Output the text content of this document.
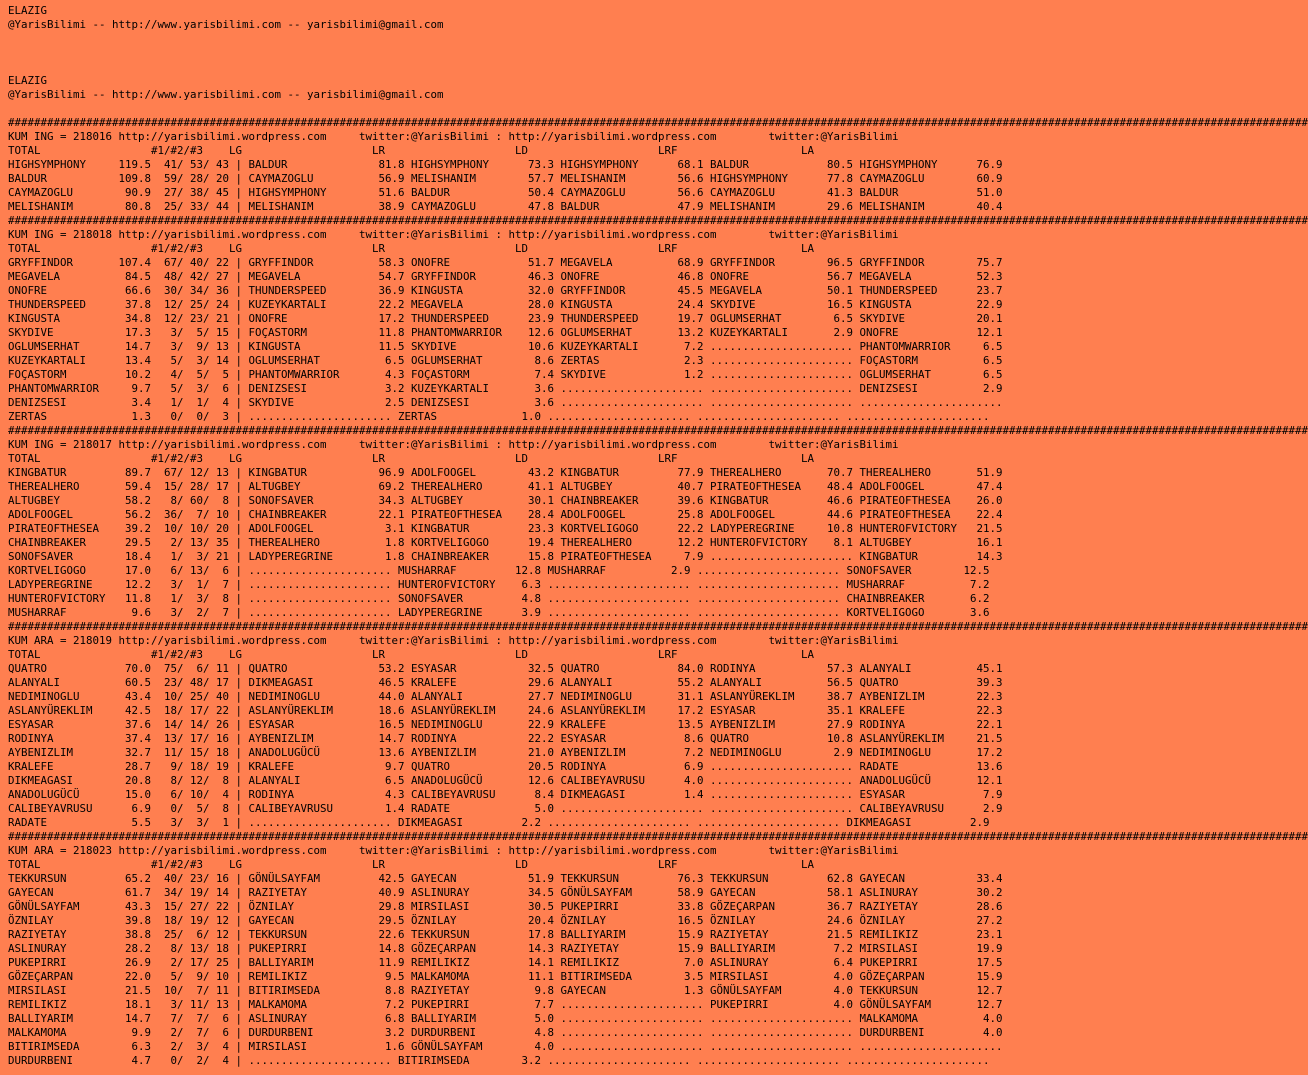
ELAZIG
@YarisBilimi -- http://www.yarisbilimi.com -- yarisbilimi@gmail.com

ELAZIG
@YarisBilimi -- http://www.yarisbilimi.com -- yarisbilimi@gmail.com

########################################################################################################################################################################################################
KUM ING = 218016 http://yarisbilimi.wordpress.com     twitter:@YarisBilimi : http://yarisbilimi.wordpress.com        twitter:@YarisBilimi
TOTAL                 #1/#2/#3    LG                    LR                    LD                    LRF                   LA
HIGHSYMPHONY     119.5  41/ 53/ 43 | BALDUR              81.8 HIGHSYMPHONY      73.3 HIGHSYMPHONY      68.1 BALDUR            80.5 HIGHSYMPHONY      76.9
BALDUR           109.8  59/ 28/ 20 | CAYMAZOGLU          56.9 MELISHANIM        57.7 MELISHANIM        56.6 HIGHSYMPHONY      77.8 CAYMAZOGLU        60.9
CAYMAZOGLU        90.9  27/ 38/ 45 | HIGHSYMPHONY        51.6 BALDUR            50.4 CAYMAZOGLU        56.6 CAYMAZOGLU        41.3 BALDUR            51.0
MELISHANIM        80.8  25/ 33/ 44 | MELISHANIM          38.9 CAYMAZOGLU        47.8 BALDUR            47.9 MELISHANIM        29.6 MELISHANIM        40.4
########################################################################################################################################################################################################
KUM ING = 218018 http://yarisbilimi.wordpress.com     twitter:@YarisBilimi : http://yarisbilimi.wordpress.com        twitter:@YarisBilimi
TOTAL                 #1/#2/#3    LG                    LR                    LD                    LRF                   LA
GRYFFINDOR       107.4  67/ 40/ 22 | GRYFFINDOR          58.3 ONOFRE            51.7 MEGAVELA          68.9 GRYFFINDOR        96.5 GRYFFINDOR        75.7
MEGAVELA          84.5  48/ 42/ 27 | MEGAVELA            54.7 GRYFFINDOR        46.3 ONOFRE            46.8 ONOFRE            56.7 MEGAVELA          52.3
ONOFRE            66.6  30/ 34/ 36 | THUNDERSPEED        36.9 KINGUSTA          32.0 GRYFFINDOR        45.5 MEGAVELA          50.1 THUNDERSPEED      23.7
THUNDERSPEED      37.8  12/ 25/ 24 | KUZEYKARTALI        22.2 MEGAVELA          28.0 KINGUSTA          24.4 SKYDIVE           16.5 KINGUSTA          22.9
KINGUSTA          34.8  12/ 23/ 21 | ONOFRE              17.2 THUNDERSPEED      23.9 THUNDERSPEED      19.7 OGLUMSERHAT        6.5 SKYDIVE           20.1
SKYDIVE           17.3   3/  5/ 15 | FOÇASTORM           11.8 PHANTOMWARRIOR    12.6 OGLUMSERHAT       13.2 KUZEYKARTALI       2.9 ONOFRE            12.1
OGLUMSERHAT       14.7   3/  9/ 13 | KINGUSTA            11.5 SKYDIVE           10.6 KUZEYKARTALI       7.2 ...................... PHANTOMWARRIOR     6.5
KUZEYKARTALI      13.4   5/  3/ 14 | OGLUMSERHAT          6.5 OGLUMSERHAT        8.6 ZERTAS             2.3 ...................... FOÇASTORM          6.5
FOÇASTORM         10.2   4/  5/  5 | PHANTOMWARRIOR       4.3 FOÇASTORM          7.4 SKYDIVE            1.2 ...................... OGLUMSERHAT        6.5
PHANTOMWARRIOR     9.7   5/  3/  6 | DENIZSESI            3.2 KUZEYKARTALI       3.6 ...................... ...................... DENIZSESI          2.9
DENIZSESI          3.4   1/  1/  4 | SKYDIVE              2.5 DENIZSESI          3.6 ...................... ...................... ......................
ZERTAS             1.3   0/  0/  3 | ...................... ZERTAS             1.0 ...................... ...................... ......................
########################################################################################################################################################################################################
KUM ING = 218017 http://yarisbilimi.wordpress.com     twitter:@YarisBilimi : http://yarisbilimi.wordpress.com        twitter:@YarisBilimi
TOTAL                 #1/#2/#3    LG                    LR                    LD                    LRF                   LA
KINGBATUR         89.7  67/ 12/ 13 | KINGBATUR           96.9 ADOLFOOGEL        43.2 KINGBATUR         77.9 THEREALHERO       70.7 THEREALHERO       51.9
THEREALHERO       59.4  15/ 28/ 17 | ALTUGBEY            69.2 THEREALHERO       41.1 ALTUGBEY          40.7 PIRATEOFTHESEA    48.4 ADOLFOOGEL        47.4
ALTUGBEY          58.2   8/ 60/  8 | SONOFSAVER          34.3 ALTUGBEY          30.1 CHAINBREAKER      39.6 KINGBATUR         46.6 PIRATEOFTHESEA    26.0
ADOLFOOGEL        56.2  36/  7/ 10 | CHAINBREAKER        22.1 PIRATEOFTHESEA    28.4 ADOLFOOGEL        25.8 ADOLFOOGEL        44.6 PIRATEOFTHESEA    22.4
PIRATEOFTHESEA    39.2  10/ 10/ 20 | ADOLFOOGEL           3.1 KINGBATUR         23.3 KORTVELIGOGO      22.2 LADYPEREGRINE     10.8 HUNTEROFVICTORY   21.5
CHAINBREAKER      29.5   2/ 13/ 35 | THEREALHERO          1.8 KORTVELIGOGO      19.4 THEREALHERO       12.2 HUNTEROFVICTORY    8.1 ALTUGBEY          16.1
SONOFSAVER        18.4   1/  3/ 21 | LADYPEREGRINE        1.8 CHAINBREAKER      15.8 PIRATEOFTHESEA     7.9 ...................... KINGBATUR         14.3
KORTVELIGOGO      17.0   6/ 13/  6 | ...................... MUSHARRAF         12.8 MUSHARRAF          2.9 ...................... SONOFSAVER        12.5
LADYPEREGRINE     12.2   3/  1/  7 | ...................... HUNTEROFVICTORY    6.3 ...................... ...................... MUSHARRAF          7.2
HUNTEROFVICTORY   11.8   1/  3/  8 | ...................... SONOFSAVER         4.8 ...................... ...................... CHAINBREAKER       6.2
MUSHARRAF          9.6   3/  2/  7 | ...................... LADYPEREGRINE      3.9 ...................... ...................... KORTVELIGOGO       3.6
########################################################################################################################################################################################################
KUM ARA = 218019 http://yarisbilimi.wordpress.com     twitter:@YarisBilimi : http://yarisbilimi.wordpress.com        twitter:@YarisBilimi
TOTAL                 #1/#2/#3    LG                    LR                    LD                    LRF                   LA
QUATRO            70.0  75/  6/ 11 | QUATRO              53.2 ESYASAR           32.5 QUATRO            84.0 RODINYA           57.3 ALANYALI          45.1
ALANYALI          60.5  23/ 48/ 17 | DIKMEAGASI          46.5 KRALEFE           29.6 ALANYALI          55.2 ALANYALI          56.5 QUATRO            39.3
NEDIMINOGLU       43.4  10/ 25/ 40 | NEDIMINOGLU         44.0 ALANYALI          27.7 NEDIMINOGLU       31.1 ASLANYÜREKLIM     38.7 AYBENIZLIM        22.3
ASLANYÜREKLIM     42.5  18/ 17/ 22 | ASLANYÜREKLIM       18.6 ASLANYÜREKLIM     24.6 ASLANYÜREKLIM     17.2 ESYASAR           35.1 KRALEFE           22.3
ESYASAR           37.6  14/ 14/ 26 | ESYASAR             16.5 NEDIMINOGLU       22.9 KRALEFE           13.5 AYBENIZLIM        27.9 RODINYA           22.1
RODINYA           37.4  13/ 17/ 16 | AYBENIZLIM          14.7 RODINYA           22.2 ESYASAR            8.6 QUATRO            10.8 ASLANYÜREKLIM     21.5
AYBENIZLIM        32.7  11/ 15/ 18 | ANADOLUGÜCÜ         13.6 AYBENIZLIM        21.0 AYBENIZLIM         7.2 NEDIMINOGLU        2.9 NEDIMINOGLU       17.2
KRALEFE           28.7   9/ 18/ 19 | KRALEFE              9.7 QUATRO            20.5 RODINYA            6.9 ...................... RADATE            13.6
DIKMEAGASI        20.8   8/ 12/  8 | ALANYALI             6.5 ANADOLUGÜCÜ       12.6 CALIBEYAVRUSU      4.0 ...................... ANADOLUGÜCÜ       12.1
ANADOLUGÜCÜ       15.0   6/ 10/  4 | RODINYA              4.3 CALIBEYAVRUSU      8.4 DIKMEAGASI         1.4 ...................... ESYASAR            7.9
CALIBEYAVRUSU      6.9   0/  5/  8 | CALIBEYAVRUSU        1.4 RADATE             5.0 ...................... ...................... CALIBEYAVRUSU      2.9
RADATE             5.5   3/  3/  1 | ...................... DIKMEAGASI         2.2 ...................... ...................... DIKMEAGASI         2.9
########################################################################################################################################################################################################
KUM ARA = 218023 http://yarisbilimi.wordpress.com     twitter:@YarisBilimi : http://yarisbilimi.wordpress.com        twitter:@YarisBilimi
TOTAL                 #1/#2/#3    LG                    LR                    LD                    LRF                   LA
TEKKURSUN         65.2  40/ 23/ 16 | GÖNÜLSAYFAM         42.5 GAYECAN           51.9 TEKKURSUN         76.3 TEKKURSUN         62.8 GAYECAN           33.4
GAYECAN           61.7  34/ 19/ 14 | RAZIYETAY           40.9 ASLINURAY         34.5 GÖNÜLSAYFAM       58.9 GAYECAN           58.1 ASLINURAY         30.2
GÖNÜLSAYFAM       43.3  15/ 27/ 22 | ÖZNILAY             29.8 MIRSILASI         30.5 PUKEPIRRI         33.8 GÖZEÇARPAN        36.7 RAZIYETAY         28.6
ÖZNILAY           39.8  18/ 19/ 12 | GAYECAN             29.5 ÖZNILAY           20.4 ÖZNILAY           16.5 ÖZNILAY           24.6 ÖZNILAY           27.2
RAZIYETAY         38.8  25/  6/ 12 | TEKKURSUN           22.6 TEKKURSUN         17.8 BALLIYARIM        15.9 RAZIYETAY         21.5 REMILIKIZ         23.1
ASLINURAY         28.2   8/ 13/ 18 | PUKEPIRRI           14.8 GÖZEÇARPAN        14.3 RAZIYETAY         15.9 BALLIYARIM         7.2 MIRSILASI         19.9
PUKEPIRRI         26.9   2/ 17/ 25 | BALLIYARIM          11.9 REMILIKIZ         14.1 REMILIKIZ          7.0 ASLINURAY          6.4 PUKEPIRRI         17.5
GÖZEÇARPAN        22.0   5/  9/ 10 | REMILIKIZ            9.5 MALKAMOMA         11.1 BITIRIMSEDA        3.5 MIRSILASI          4.0 GÖZEÇARPAN        15.9
MIRSILASI         21.5  10/  7/ 11 | BITIRIMSEDA          8.8 RAZIYETAY          9.8 GAYECAN            1.3 GÖNÜLSAYFAM        4.0 TEKKURSUN         12.7
REMILIKIZ         18.1   3/ 11/ 13 | MALKAMOMA            7.2 PUKEPIRRI          7.7 ...................... PUKEPIRRI          4.0 GÖNÜLSAYFAM       12.7
BALLIYARIM        14.7   7/  7/  6 | ASLINURAY            6.8 BALLIYARIM         5.0 ...................... ...................... MALKAMOMA          4.0
MALKAMOMA          9.9   2/  7/  6 | DURDURBENI           3.2 DURDURBENI         4.8 ...................... ...................... DURDURBENI         4.0
BITIRIMSEDA        6.3   2/  3/  4 | MIRSILASI            1.6 GÖNÜLSAYFAM        4.0 ...................... ...................... ......................
DURDURBENI         4.7   0/  2/  4 | ...................... BITIRIMSEDA        3.2 ...................... ...................... ......................
